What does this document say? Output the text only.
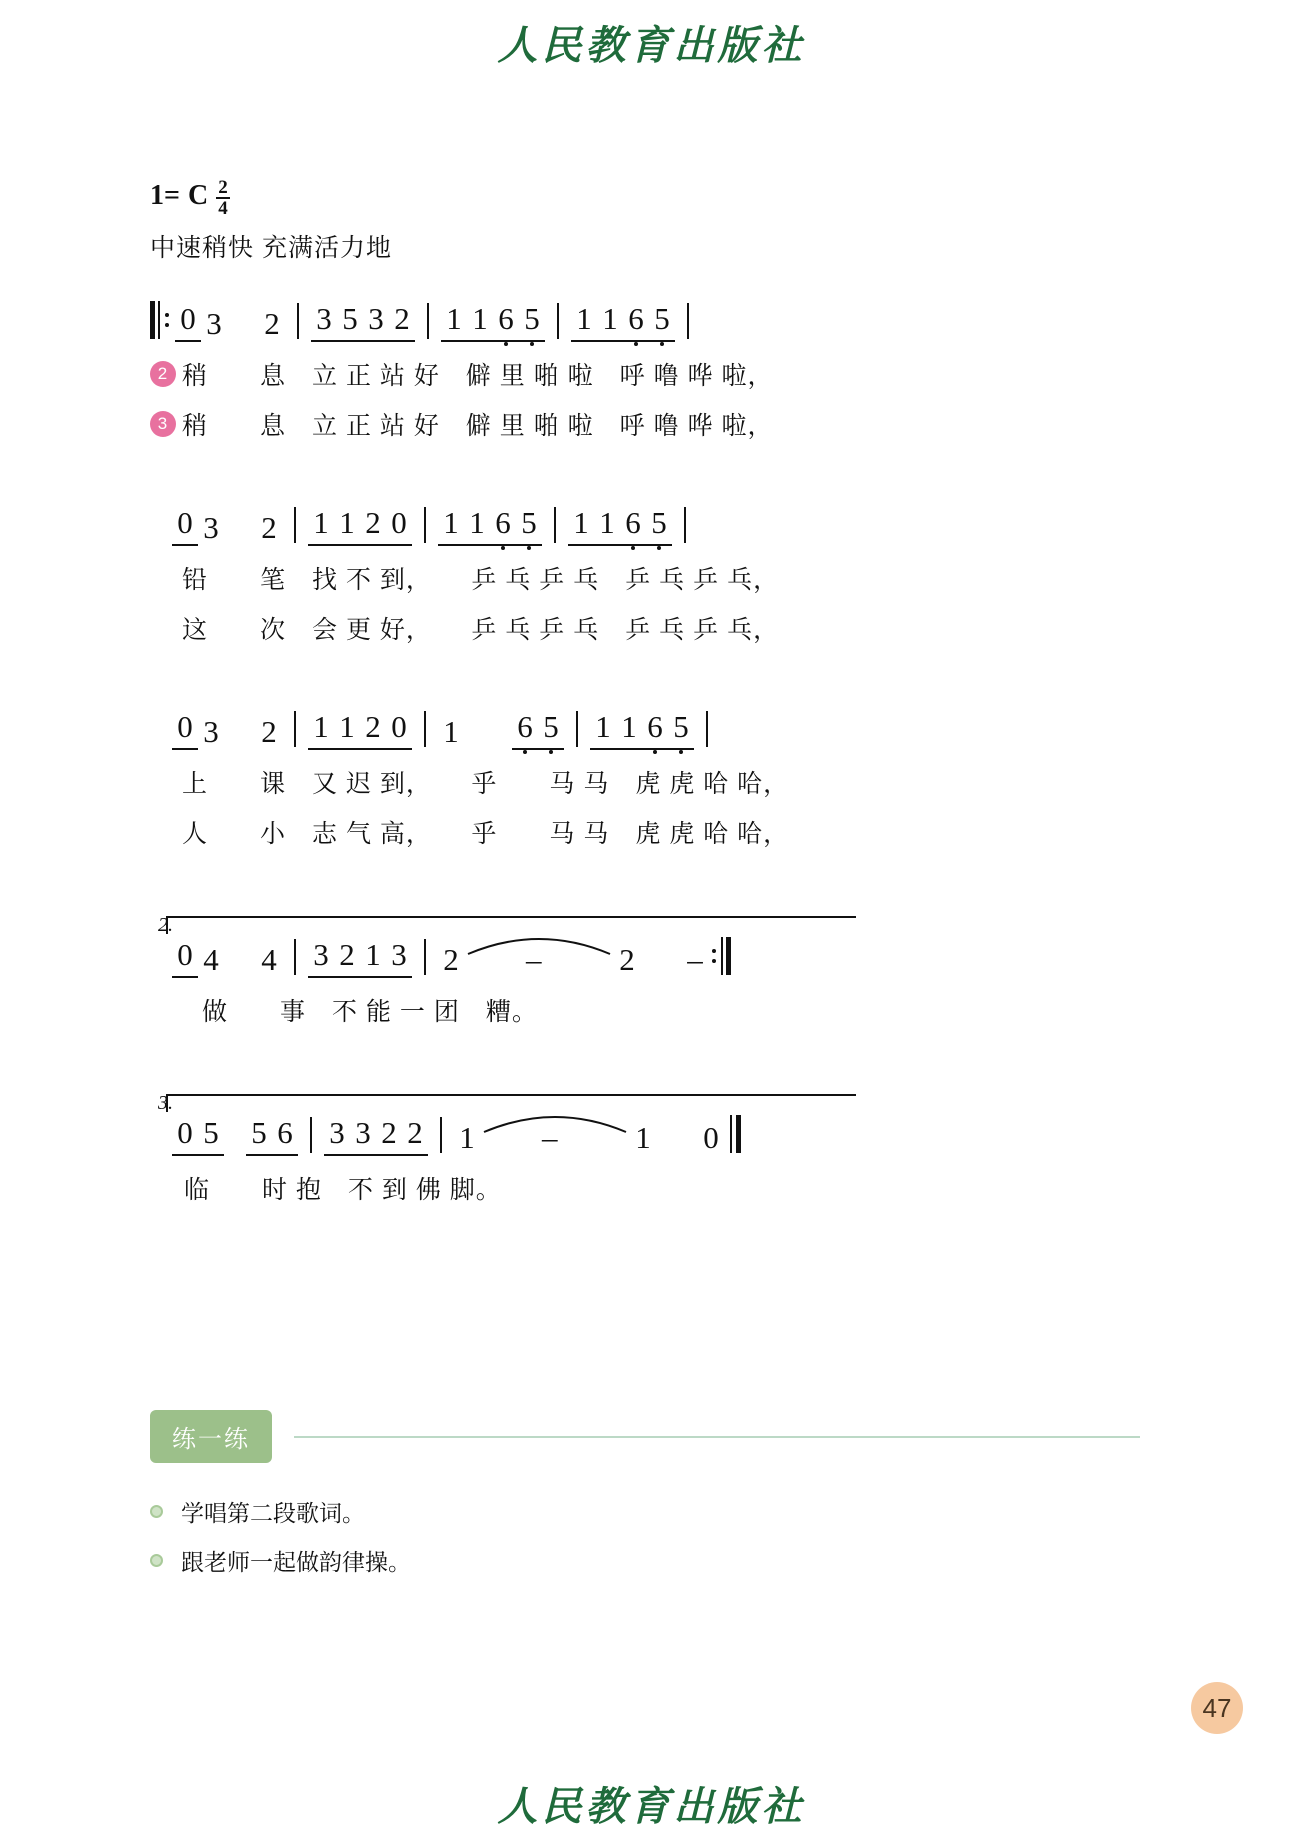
人民教育出版社
1= C $\frac{2}{4}$
中速稍快 充满活力地
0 3 2 3 5 3 2 1 1 6 5 1 1 6 5
2 稍　　息　立 正 站 好　僻 里 啪 啦　呼 噜 哗 啦，
3 稍　　息　立 正 站 好　僻 里 啪 啦　呼 噜 哗 啦，
0 3 2 1 1 2 0 1 1 6 5 1 1 6 5
铅　　笔　找 不 到，　　乒 乓 乒 乓　乒 乓 乒 乓，
这　　次　会 更 好，　　乒 乓 乒 乓　乒 乓 乒 乓，
0 3 2 1 1 2 0 1 6 5 1 1 6 5
上　　课　又 迟 到，　　乎　　马 马　虎 虎 哈 哈，
人　　小　志 气 高，　　乎　　马 马　虎 虎 哈 哈，
2.
0 4 4 3 2 1 3 2 –	2 –
做　　事　不 能 一 团　糟。
3.
0 5 5 6 3 3 2 2 1 –	1 0
临　　时 抱　不 到 佛 脚。
练一练
学唱第二段歌词。
跟老师一起做韵律操。
47
人民教育出版社
